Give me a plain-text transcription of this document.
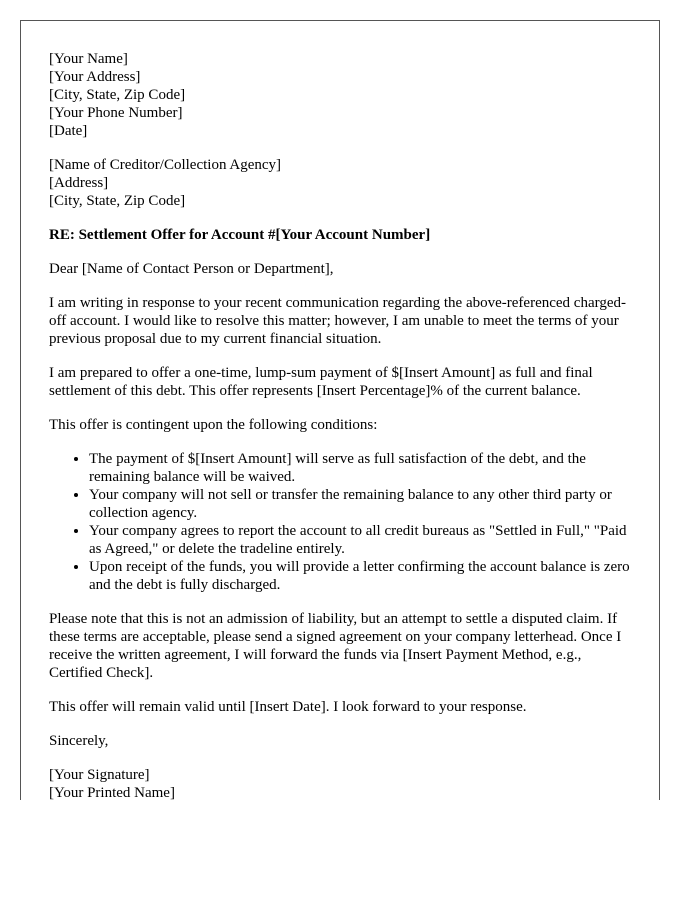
[Your Name]
[Your Address]
[City, State, Zip Code]
[Your Phone Number]
[Date]
[Name of Creditor/Collection Agency]
[Address]
[City, State, Zip Code]

RE: Settlement Offer for Account #[Your Account Number]

Dear [Name of Contact Person or Department],

I am writing in response to your recent communication regarding the above-referenced charged-off account. I would like to resolve this matter; however, I am unable to meet the terms of your previous proposal due to my current financial situation.

I am prepared to offer a one-time, lump-sum payment of $[Insert Amount] as full and final settlement of this debt. This offer represents [Insert Percentage]% of the current balance.

This offer is contingent upon the following conditions:

• The payment of $[Insert Amount] will serve as full satisfaction of the debt, and the remaining balance will be waived.
• Your company will not sell or transfer the remaining balance to any other third party or collection agency.
• Your company agrees to report the account to all credit bureaus as "Settled in Full," "Paid as Agreed," or delete the tradeline entirely.
• Upon receipt of the funds, you will provide a letter confirming the account balance is zero and the debt is fully discharged.

Please note that this is not an admission of liability, but an attempt to settle a disputed claim. If these terms are acceptable, please send a signed agreement on your company letterhead. Once I receive the written agreement, I will forward the funds via [Insert Payment Method, e.g., Certified Check].

This offer will remain valid until [Insert Date]. I look forward to your response.

Sincerely,

[Your Signature]
[Your Printed Name]
